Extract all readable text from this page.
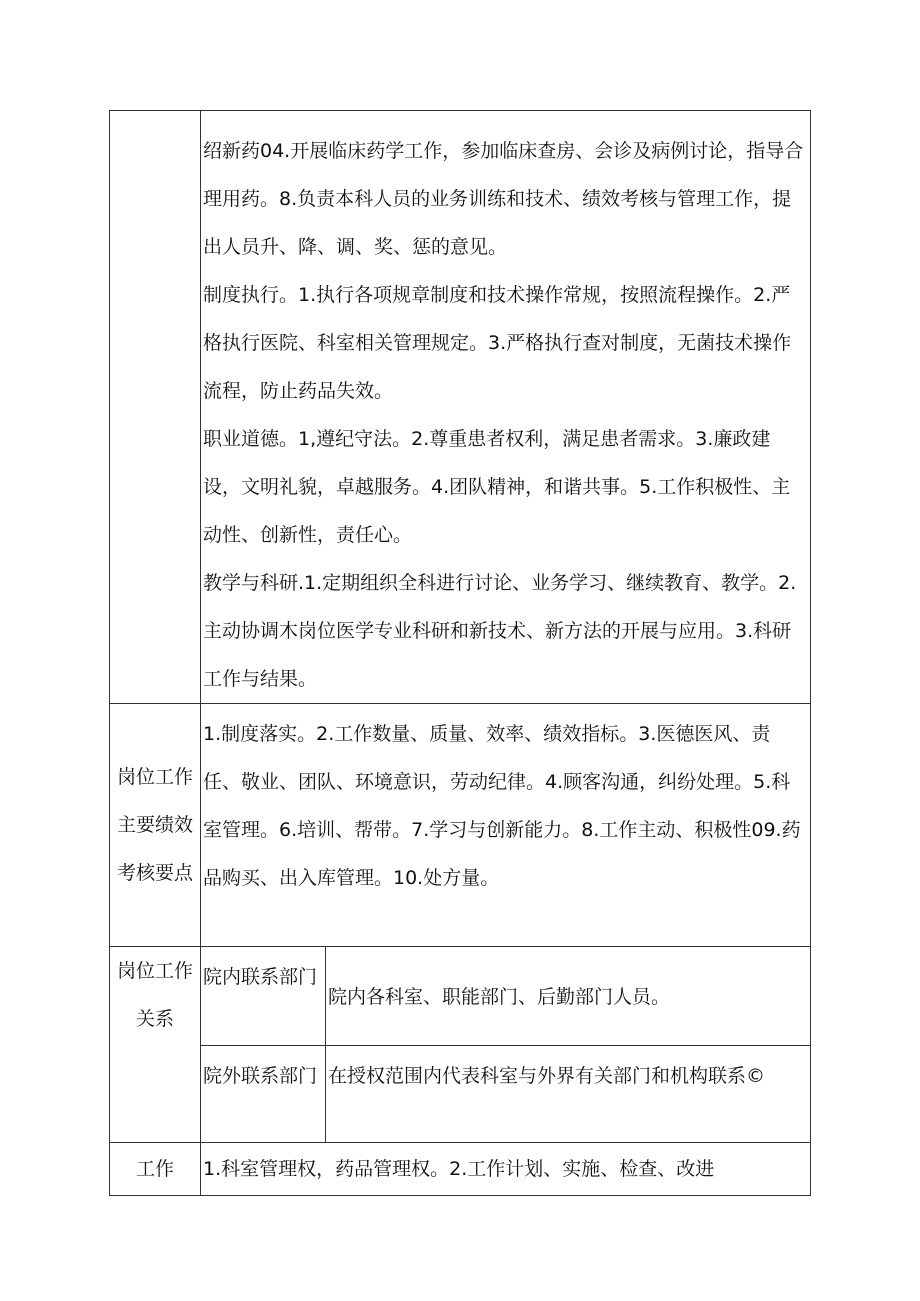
	绍新药04.开展临床药学工作，参加临床查房、会诊及病例讨论，指导合理用药。8.负责本科人员的业务训练和技术、绩效考核与管理工作，提出人员升、降、调、奖、惩的意见。

制度执行。1.执行各项规章制度和技术操作常规，按照流程操作。2.严格执行医院、科室相关管理规定。3.严格执行查对制度，无菌技术操作流程，防止药品失效。

职业道德。1,遵纪守法。2.尊重患者权利，满足患者需求。3.廉政建设，文明礼貌，卓越服务。4.团队精神，和谐共事。5.工作积极性、主动性、创新性，责任心。

教学与科研.1.定期组织全科进行讨论、业务学习、继续教育、教学。2.主动协调木岗位医学专业科研和新技术、新方法的开展与应用。3.科研工作与结果。	

岗位工作主要绩效考核要点	1.制度落实。2.工作数量、质量、效率、绩效指标。3.医德医风、责任、敬业、团队、环境意识，劳动纪律。4.顾客沟通，纠纷处理。5.科室管理。6.培训、帮带。7.学习与创新能力。8.工作主动、积极性09.药品购买、出入库管理。10.处方量。	

岗位工作关系	院内联系部门	院内各科室、职能部门、后勤部门人员。

	院外联系部门	在授权范围内代表科室与外界有关部门和机构联系©

工作	1.科室管理权，药品管理权。2.工作计划、实施、检查、改进	
